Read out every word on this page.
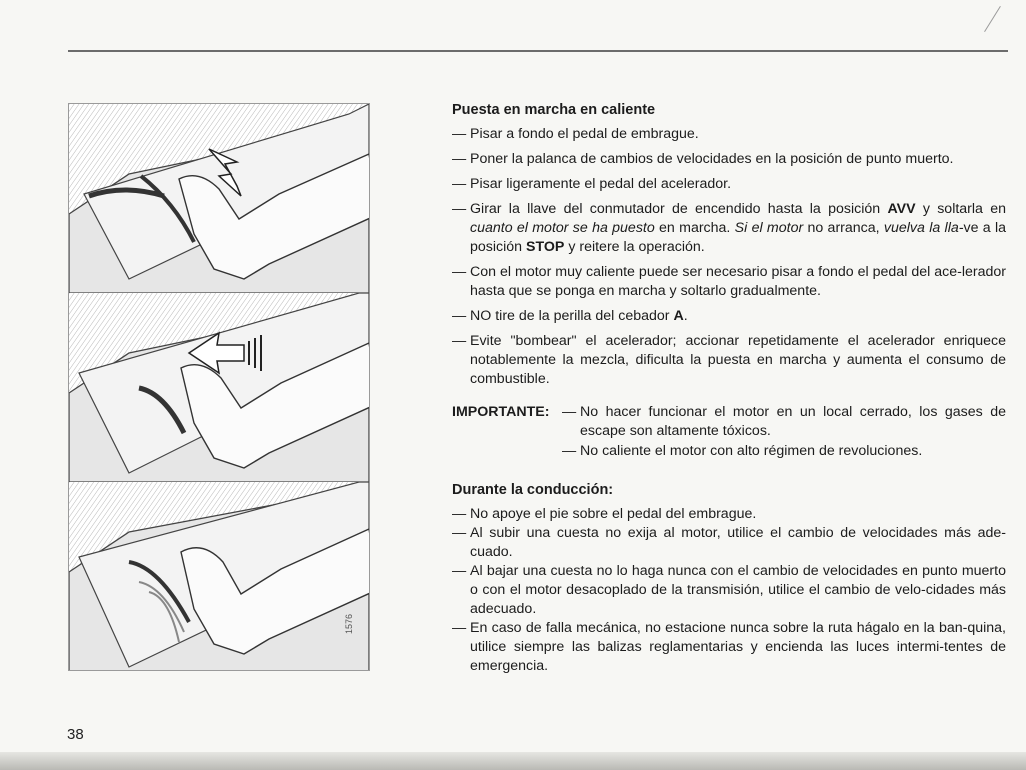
1576

Puesta en marcha en caliente

— Pisar a fondo el pedal de embrague.
— Poner la palanca de cambios de velocidades en la posición de punto muerto.
— Pisar ligeramente el pedal del acelerador.
— Girar la llave del conmutador de encendido hasta la posición AVV y soltarla en cuanto el motor se ha puesto en marcha. Si el motor no arranca, vuelva la lla-ve a la posición STOP y reitere la operación.
— Con el motor muy caliente puede ser necesario pisar a fondo el pedal del ace-lerador hasta que se ponga en marcha y soltarlo gradualmente.
— NO tire de la perilla del cebador A.
— Evite "bombear" el acelerador; accionar repetidamente el acelerador enriquece notablemente la mezcla, dificulta la puesta en marcha y aumenta el consumo de combustible.
IMPORTANTE: — No hacer funcionar el motor en un local cerrado, los gases de escape son altamente tóxicos.
— No caliente el motor con alto régimen de revoluciones.

Durante la conducción:

— No apoye el pie sobre el pedal del embrague.
— Al subir una cuesta no exija al motor, utilice el cambio de velocidades más ade-cuado.
— Al bajar una cuesta no lo haga nunca con el cambio de velocidades en punto muerto o con el motor desacoplado de la transmisión, utilice el cambio de velo-cidades más adecuado.
— En caso de falla mecánica, no estacione nunca sobre la ruta hágalo en la ban-quina, utilice siempre las balizas reglamentarias y encienda las luces intermi-tentes de emergencia.
38
